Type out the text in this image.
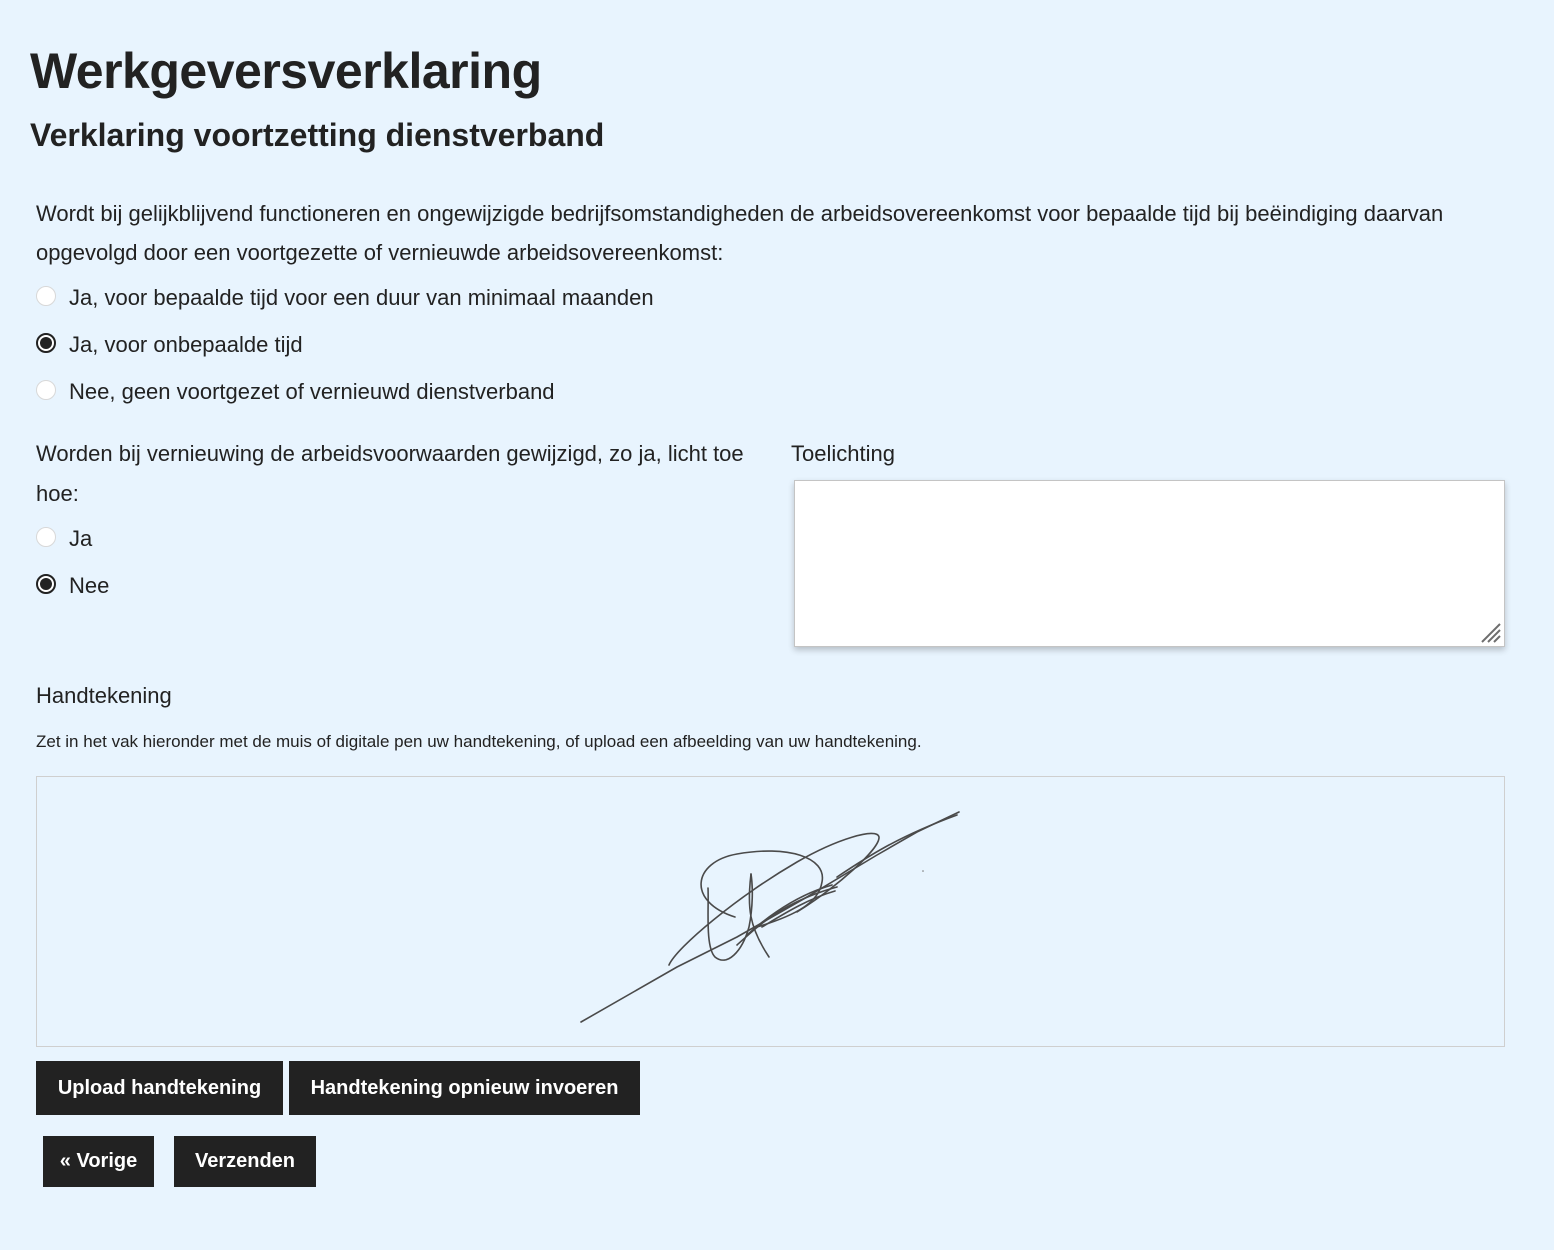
Werkgeversverklaring
Verklaring voortzetting dienstverband

Wordt bij gelijkblijvend functioneren en ongewijzigde bedrijfsomstandigheden de arbeidsovereenkomst voor bepaalde tijd bij beëindiging daarvan opgevolgd door een voortgezette of vernieuwde arbeidsovereenkomst:

Ja, voor bepaalde tijd voor een duur van minimaal maanden
Ja, voor onbepaalde tijd
Nee, geen voortgezet of vernieuwd dienstverband

Worden bij vernieuwing de arbeidsvoorwaarden gewijzigd, zo ja, licht toe hoe:

Ja
Nee
Toelichting
Handtekening
Zet in het vak hieronder met de muis of digitale pen uw handtekening, of upload een afbeelding van uw handtekening.
Upload handtekening	Handtekening opnieuw invoeren
« Vorige	Verzenden
